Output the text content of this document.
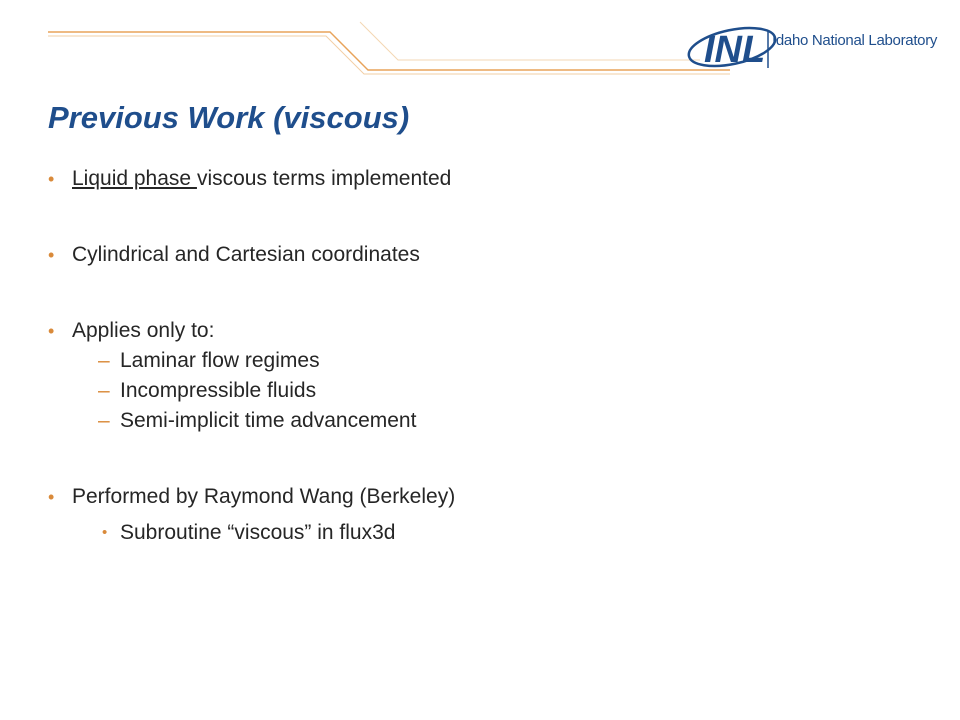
INL Idaho National Laboratory
Previous Work (viscous)
• Liquid phase viscous terms implemented
• Cylindrical and Cartesian coordinates
• Applies only to:
– Laminar flow regimes
– Incompressible fluids
– Semi-implicit time advancement
• Performed by Raymond Wang (Berkeley)
• Subroutine “viscous” in flux3d
